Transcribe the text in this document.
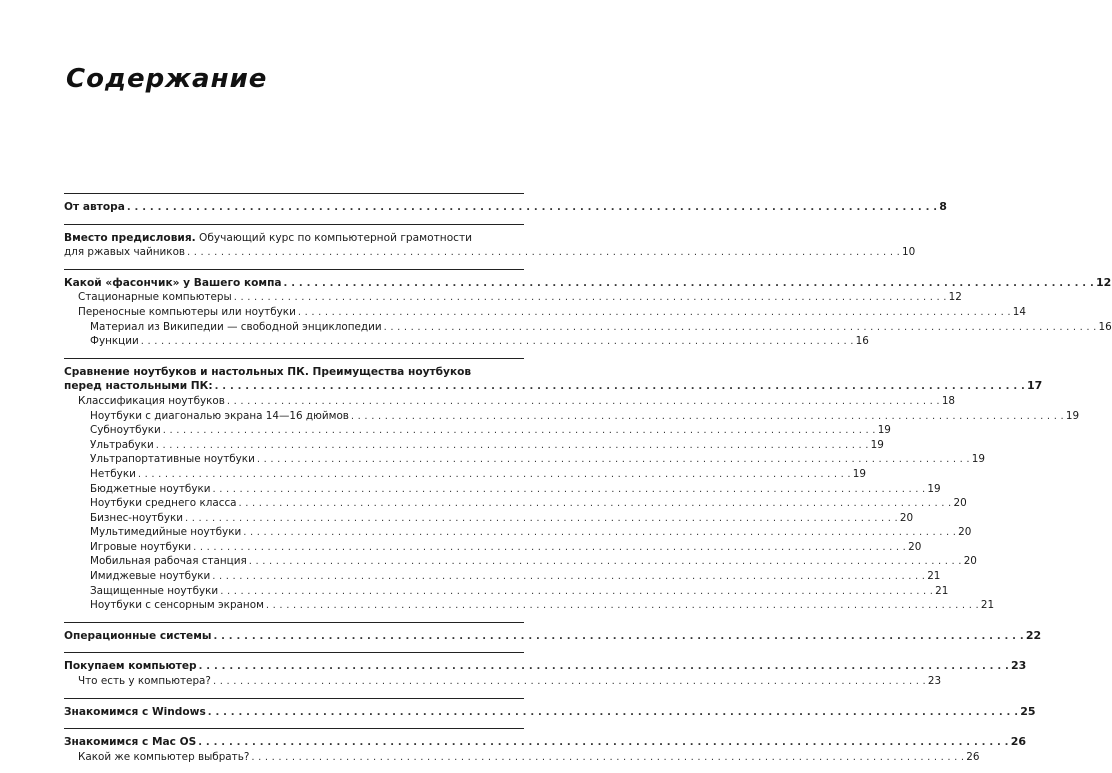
Содержание
От автора . . .	8
Вместо предисловия. Обучающий курс по компьютерной грамотности
для ржавых чайников . . .	10
Какой «фасончик» у Вашего компа . . .	12
Стационарные компьютеры . . .	12
Переносные компьютеры или ноутбуки . . .	14
Материал из Википедии — свободной энциклопедии . . .	16
Функции . . .	16
Сравнение ноутбуков и настольных ПК. Преимущества ноутбуков
перед настольными ПК: . . .	17
Классификация ноутбуков . . .	18
Ноутбуки с диагональю экрана 14—16 дюймов . . .	19
Субноутбуки . . .	19
Ультрабуки . . .	19
Ультрапортативные ноутбуки . . .	19
Нетбуки . . .	19
Бюджетные ноутбуки . . .	19
Ноутбуки среднего класса . . .	20
Бизнес-ноутбуки . . .	20
Мультимедийные ноутбуки . . .	20
Игровые ноутбуки . . .	20
Мобильная рабочая станция . . .	20
Имиджевые ноутбуки . . .	21
Защищенные ноутбуки . . .	21
Ноутбуки с сенсорным экраном . . .	21
Операционные системы . . .	22
Покупаем компьютер . . .	23
Что есть у компьютера? . . .	23
Знакомимся с Windows . . .	25
Знакомимся с Mac OS . . .	26
Какой же компьютер выбрать? . . .	26
